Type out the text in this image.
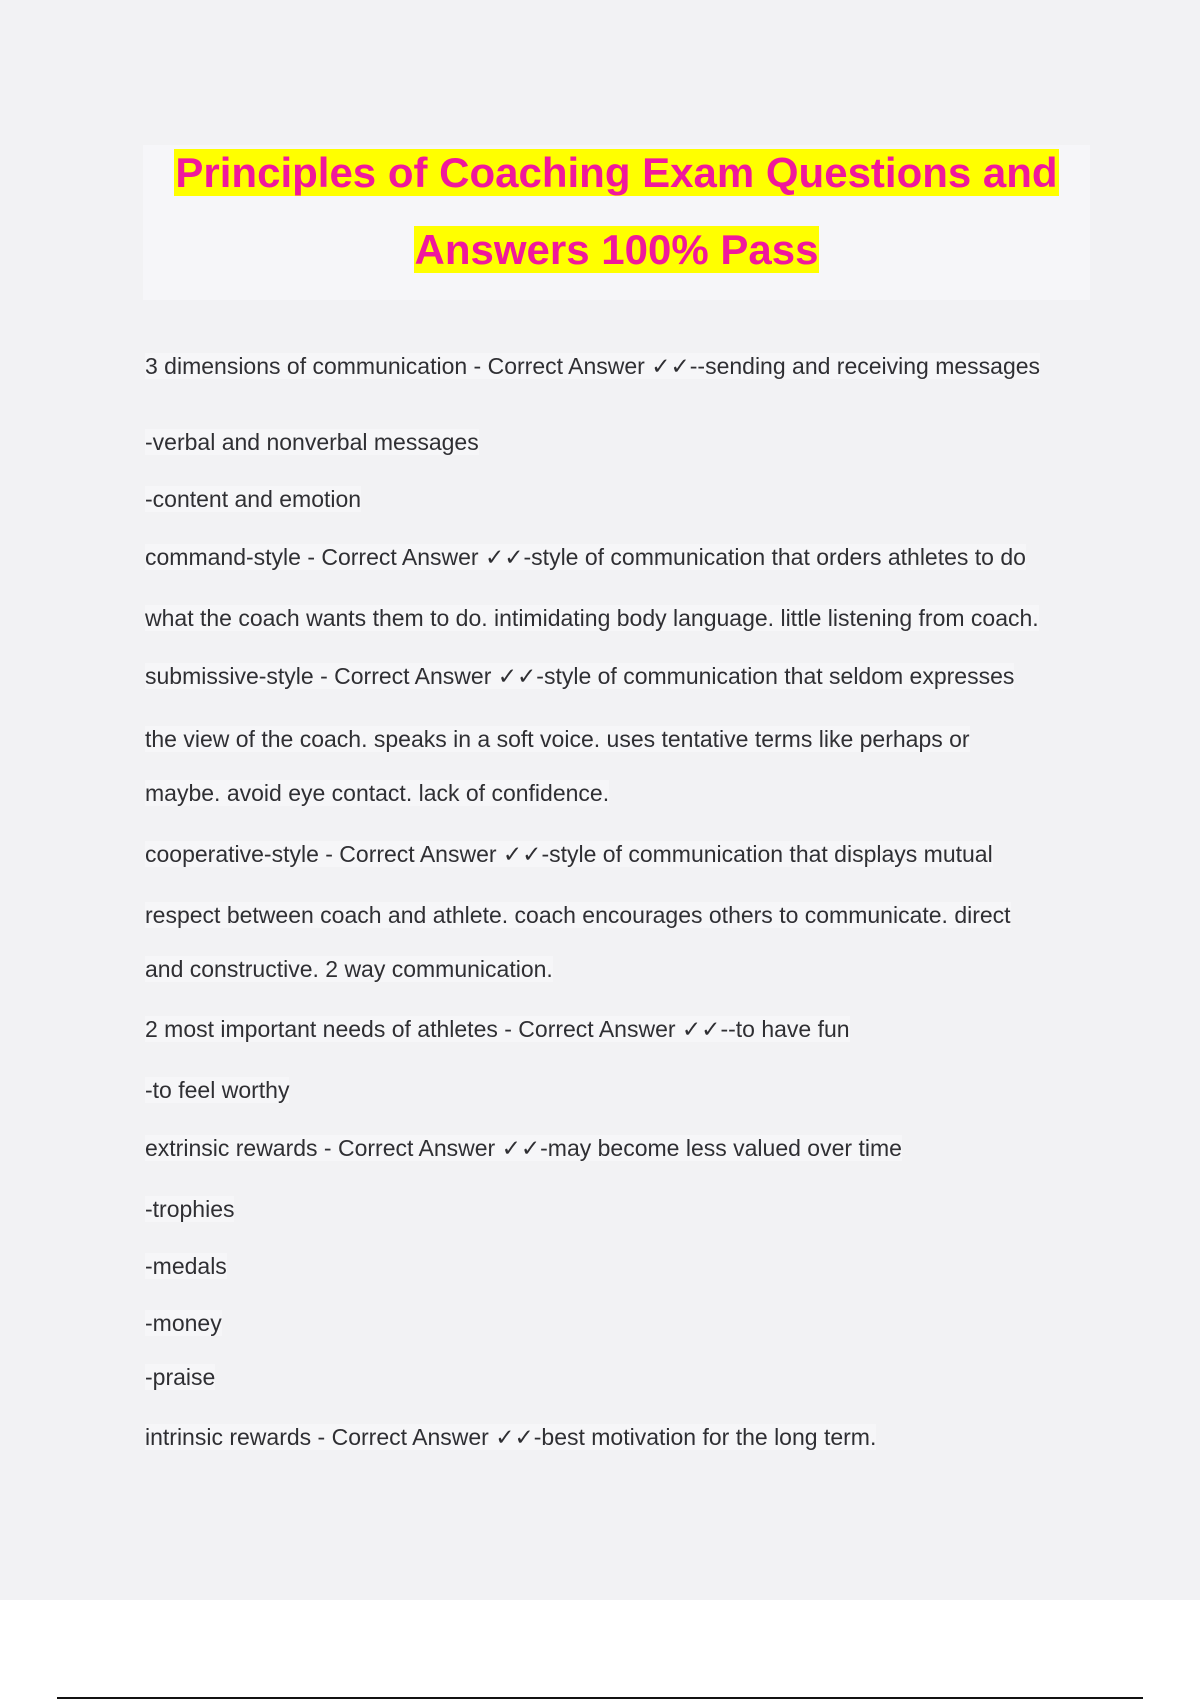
Principles of Coaching Exam Questions and
Answers 100% Pass
3 dimensions of communication - Correct Answer ✓✓--sending and receiving messages
-verbal and nonverbal messages
-content and emotion
command-style - Correct Answer ✓✓-style of communication that orders athletes to do
what the coach wants them to do. intimidating body language. little listening from coach.
submissive-style - Correct Answer ✓✓-style of communication that seldom expresses
the view of the coach. speaks in a soft voice. uses tentative terms like perhaps or
maybe. avoid eye contact. lack of confidence.
cooperative-style - Correct Answer ✓✓-style of communication that displays mutual
respect between coach and athlete. coach encourages others to communicate. direct
and constructive. 2 way communication.
2 most important needs of athletes - Correct Answer ✓✓--to have fun
-to feel worthy
extrinsic rewards - Correct Answer ✓✓-may become less valued over time
-trophies
-medals
-money
-praise
intrinsic rewards - Correct Answer ✓✓-best motivation for the long term.
